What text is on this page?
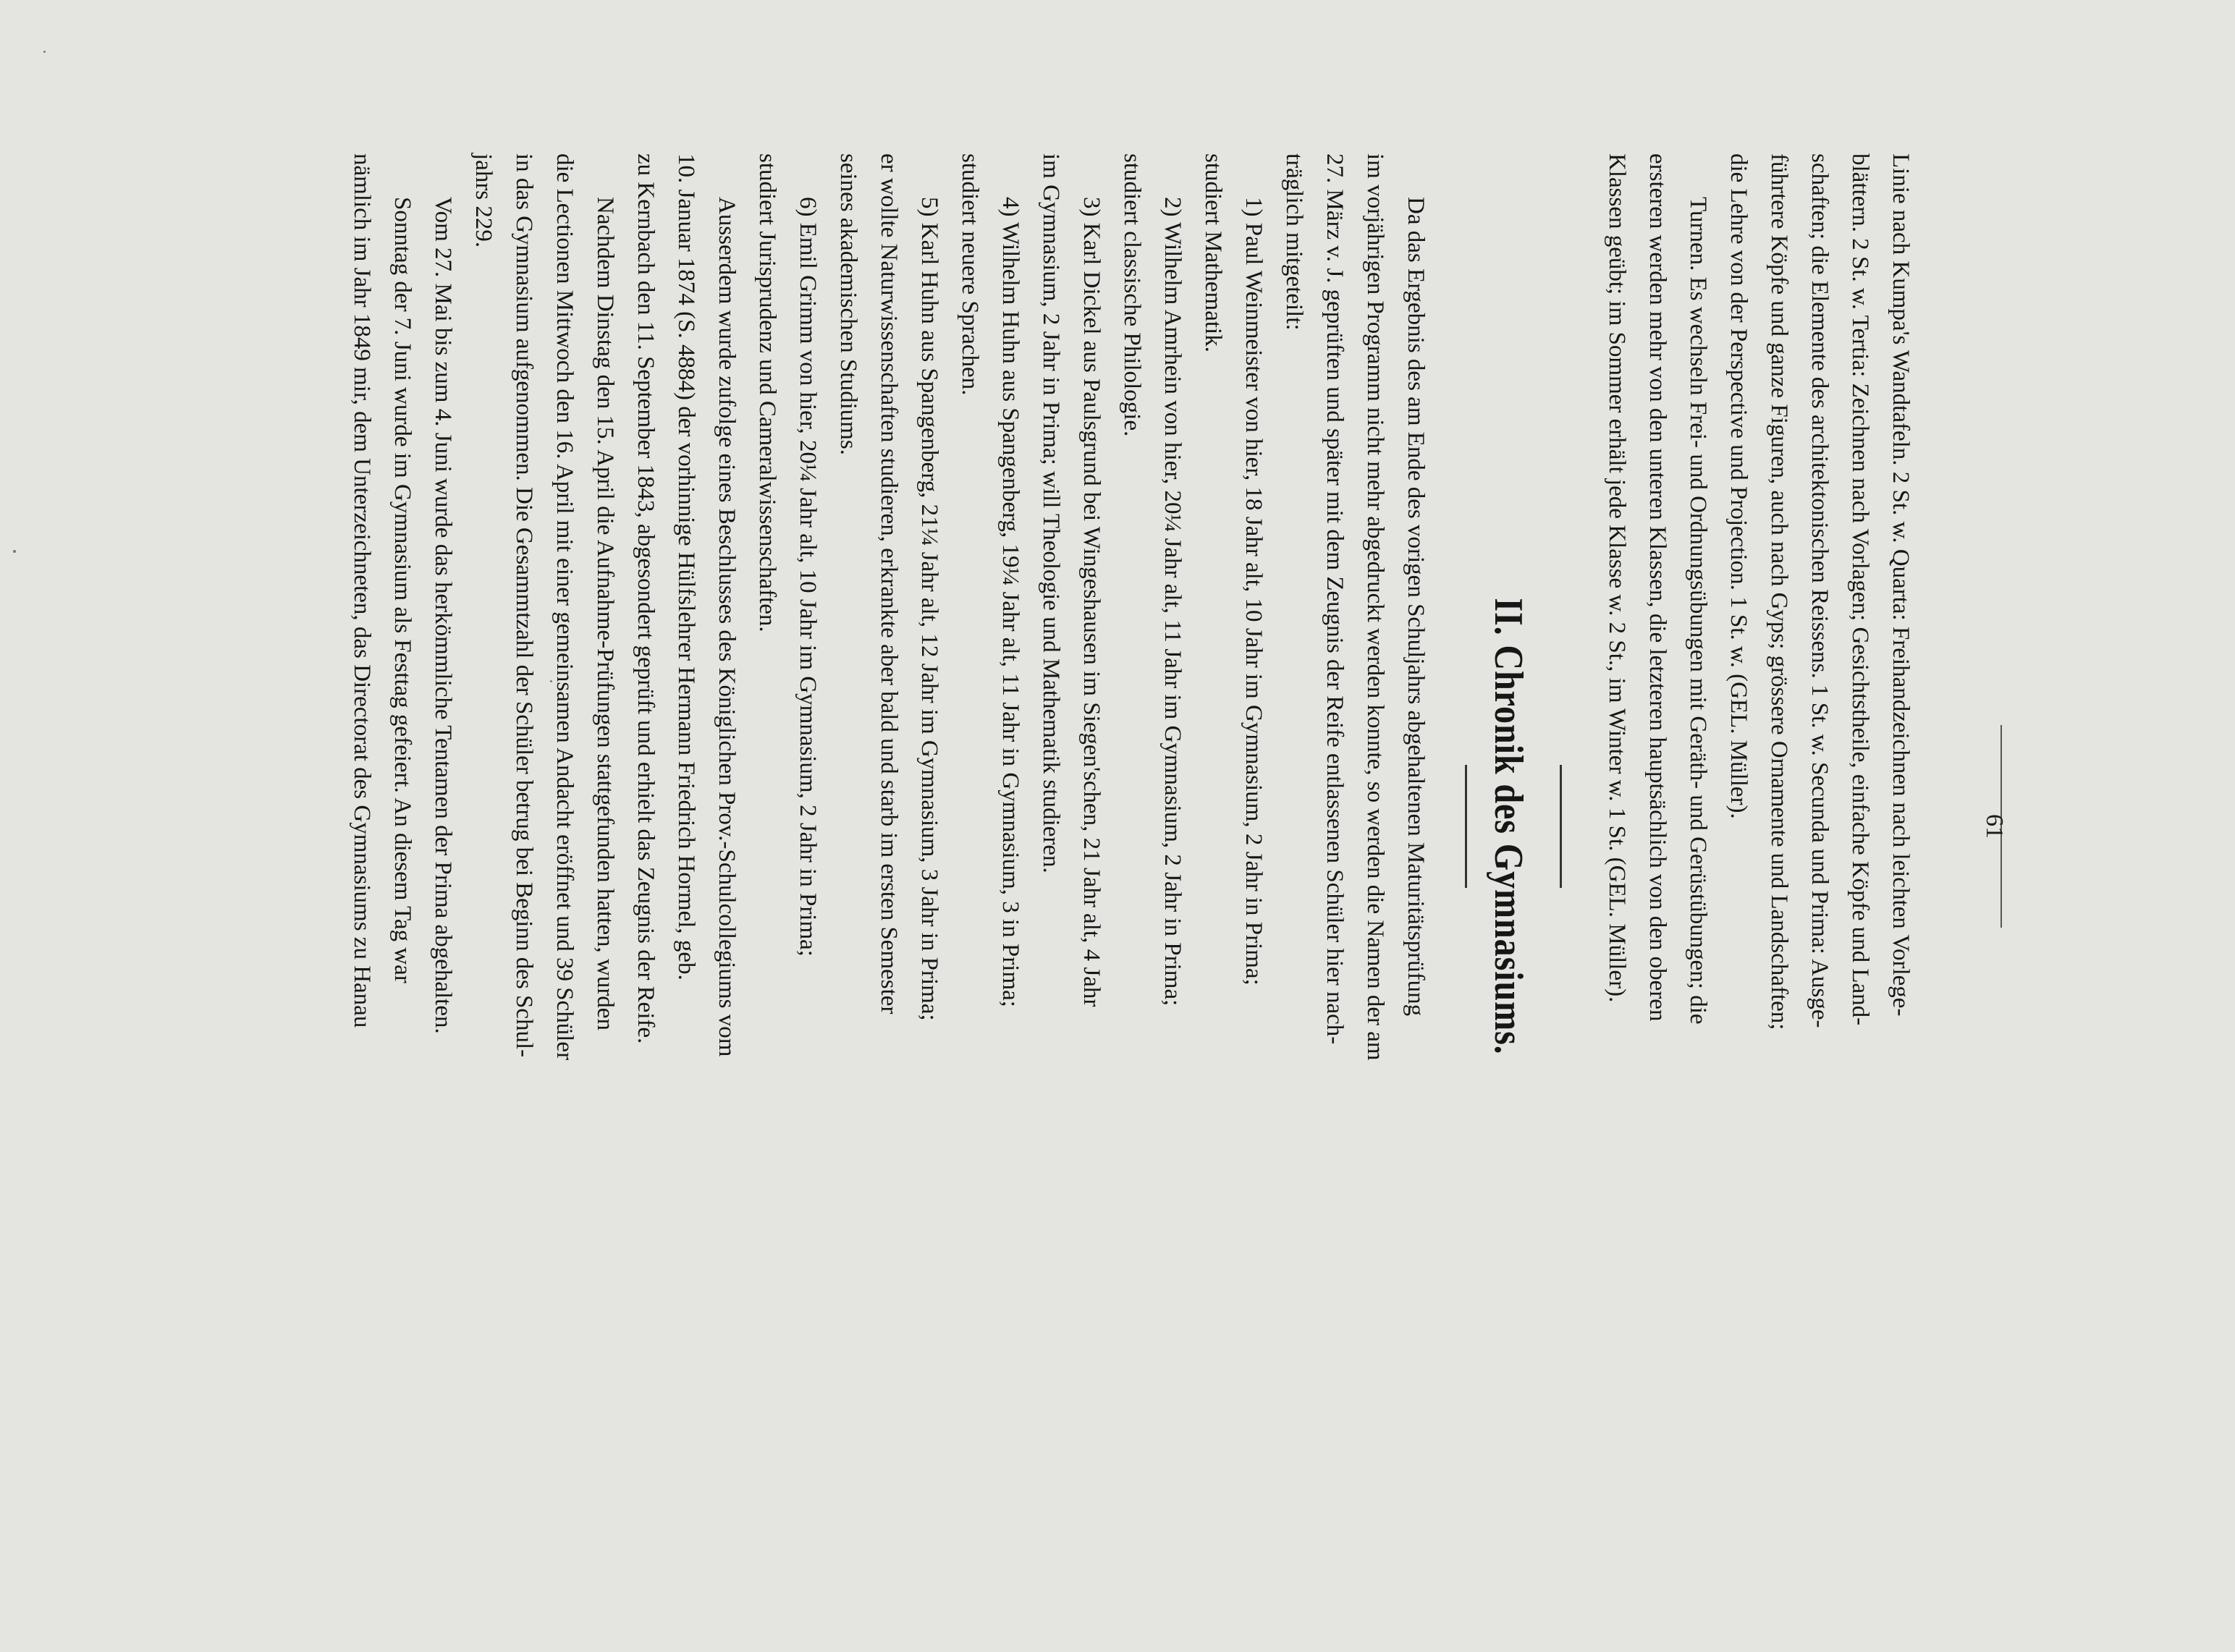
61

Linie nach Kumpa's Wandtafeln. 2 St. w. Quarta: Freihandzeichnen nach leichten Vorlege-

blättern. 2 St. w. Tertia: Zeichnen nach Vorlagen; Gesichtstheile, einfache Köpfe und Land-

schaften; die Elemente des architektonischen Reissens. 1 St. w. Secunda und Prima: Ausge-

führtere Köpfe und ganze Figuren, auch nach Gyps; grössere Ornamente und Landschaften;

die Lehre von der Perspective und Projection. 1 St. w. (GEL. Müller).

Turnen. Es wechseln Frei- und Ordnungsübungen mit Geräth- und Gerüstübungen; die

ersteren werden mehr von den unteren Klassen, die letzteren hauptsächlich von den oberen

Klassen geübt; im Sommer erhält jede Klasse w. 2 St., im Winter w. 1 St. (GEL. Müller).

II. Chronik des Gymnasiums.

Da das Ergebnis des am Ende des vorigen Schuljahrs abgehaltenen Maturitätsprüfung

im vorjährigen Programm nicht mehr abgedruckt werden konnte, so werden die Namen der am

27. März v. J. geprüften und später mit dem Zeugnis der Reife entlassenen Schüler hier nach-

träglich mitgeteilt:

1) Paul Weinmeister von hier, 18 Jahr alt, 10 Jahr im Gymnasium, 2 Jahr in Prima;

studiert Mathematik.

2) Wilhelm Amrhein von hier, 20¼ Jahr alt, 11 Jahr im Gymnasium, 2 Jahr in Prima;

studiert classische Philologie.

3) Karl Dickel aus Paulsgrund bei Wingeshausen im Siegen'schen, 21 Jahr alt, 4 Jahr

im Gymnasium, 2 Jahr in Prima; will Theologie und Mathematik studieren.

4) Wilhelm Huhn aus Spangenberg, 19¼ Jahr alt, 11 Jahr in Gymnasium, 3 in Prima;

studiert neuere Sprachen.

5) Karl Huhn aus Spangenberg, 21¼ Jahr alt, 12 Jahr im Gymnasium, 3 Jahr in Prima;

er wollte Naturwissenschaften studieren, erkrankte aber bald und starb im ersten Semester

seines akademischen Studiums.

6) Emil Grimm von hier, 20¼ Jahr alt, 10 Jahr im Gymnasium, 2 Jahr in Prima;

studiert Jurisprudenz und Cameralwissenschaften.

Ausserdem wurde zufolge eines Beschlusses des Königlichen Prov.-Schulcollegiums vom

10. Januar 1874 (S. 4884) der vorhinnige Hülfslehrer Hermann Friedrich Hormel, geb.

zu Kernbach den 11. September 1843, abgesondert geprüft und erhielt das Zeugnis der Reife.

Nachdem Dinstag den 15. April die Aufnahme-Prüfungen stattgefunden hatten, wurden

die Lectionen Mittwoch den 16. April mit einer gemeinsamen Andacht eröffnet und 39 Schüler

in das Gymnasium aufgenommen. Die Gesammtzahl der Schüler betrug bei Beginn des Schul-

jahrs 229.

Vom 27. Mai bis zum 4. Juni wurde das herkömmliche Tentamen der Prima abgehalten.

Sonntag der 7. Juni wurde im Gymnasium als Festtag gefeiert. An diesem Tag war

nämlich im Jahr 1849 mir, dem Unterzeichneten, das Directorat des Gymnasiums zu Hanau
